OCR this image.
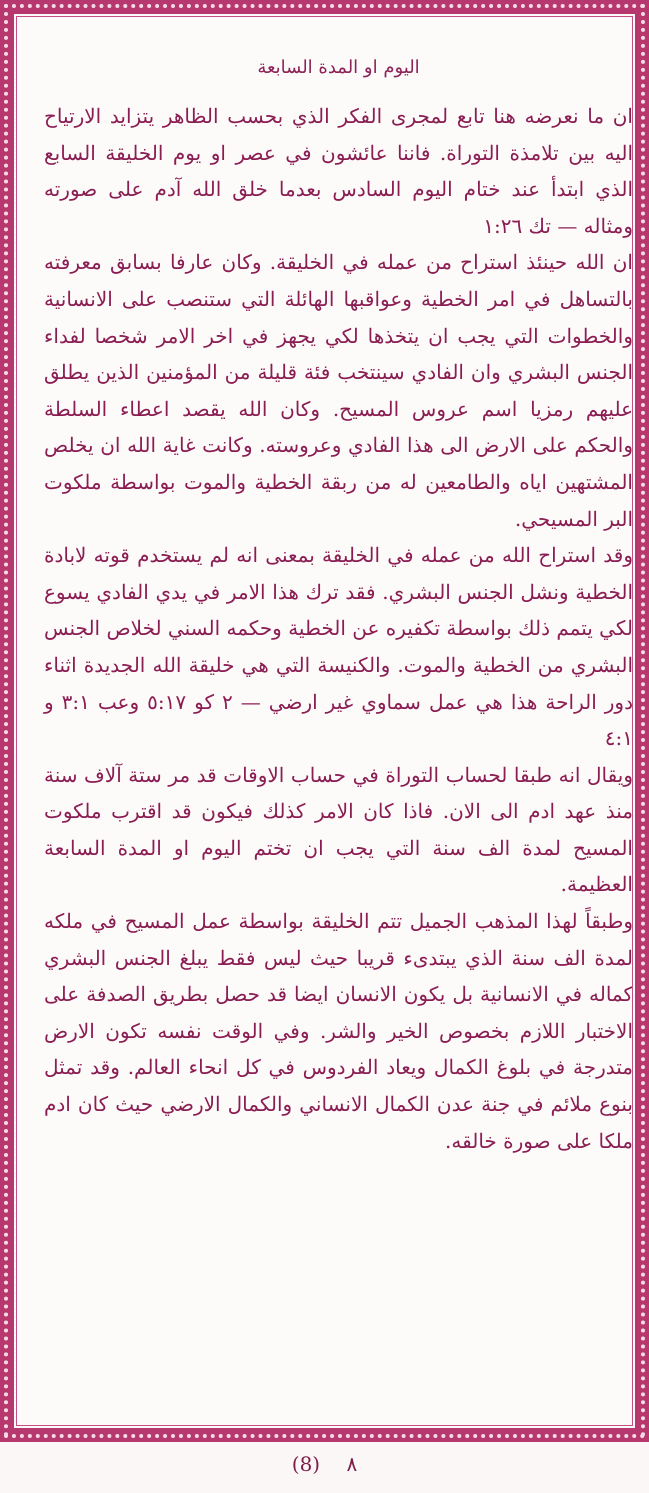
اليوم او المدة السابعة

ان ما نعرضه هنا تابع لمجرى الفكر الذي بحسب الظاهر يتزايد الارتياح اليه بين تلامذة التوراة. فاننا عائشون في عصر او يوم الخليقة السابع الذي ابتدأ عند ختام اليوم السادس بعدما خلق الله آدم على صورته ومثاله — تك ١:٢٦

ان الله حينئذ استراح من عمله في الخليقة. وكان عارفا بسابق معرفته بالتساهل في امر الخطية وعواقبها الهائلة التي ستنصب على الانسانية والخطوات التي يجب ان يتخذها لكي يجهز في اخر الامر شخصا لفداء الجنس البشري وان الفادي سينتخب فئة قليلة من المؤمنين الذين يطلق عليهم رمزيا اسم عروس المسيح. وكان الله يقصد اعطاء السلطة والحكم على الارض الى هذا الفادي وعروسته. وكانت غاية الله ان يخلص المشتهين اياه والطامعين له من ربقة الخطية والموت بواسطة ملكوت البر المسيحي.

وقد استراح الله من عمله في الخليقة بمعنى انه لم يستخدم قوته لابادة الخطية ونشل الجنس البشري. فقد ترك هذا الامر في يدي الفادي يسوع لكي يتمم ذلك بواسطة تكفيره عن الخطية وحكمه السني لخلاص الجنس البشري من الخطية والموت. والكنيسة التي هي خليقة الله الجديدة اثناء دور الراحة هذا هي عمل سماوي غير ارضي — ٢ كو ٥:١٧ وعب ٣:١ و ٤:١

ويقال انه طبقا لحساب التوراة في حساب الاوقات قد مر ستة آلاف سنة منذ عهد ادم الى الان. فاذا كان الامر كذلك فيكون قد اقترب ملكوت المسيح لمدة الف سنة التي يجب ان تختم اليوم او المدة السابعة العظيمة.

وطبقاً لهذا المذهب الجميل تتم الخليقة بواسطة عمل المسيح في ملكه لمدة الف سنة الذي يبتدىء قريبا حيث ليس فقط يبلغ الجنس البشري كماله في الانسانية بل يكون الانسان ايضا قد حصل بطريق الصدفة على الاختبار اللازم بخصوص الخير والشر. وفي الوقت نفسه تكون الارض متدرجة في بلوغ الكمال ويعاد الفردوس في كل انحاء العالم. وقد تمثل بنوع ملائم في جنة عدن الكمال الانساني والكمال الارضي حيث كان ادم ملكا على صورة خالقه.

(8) ٨
